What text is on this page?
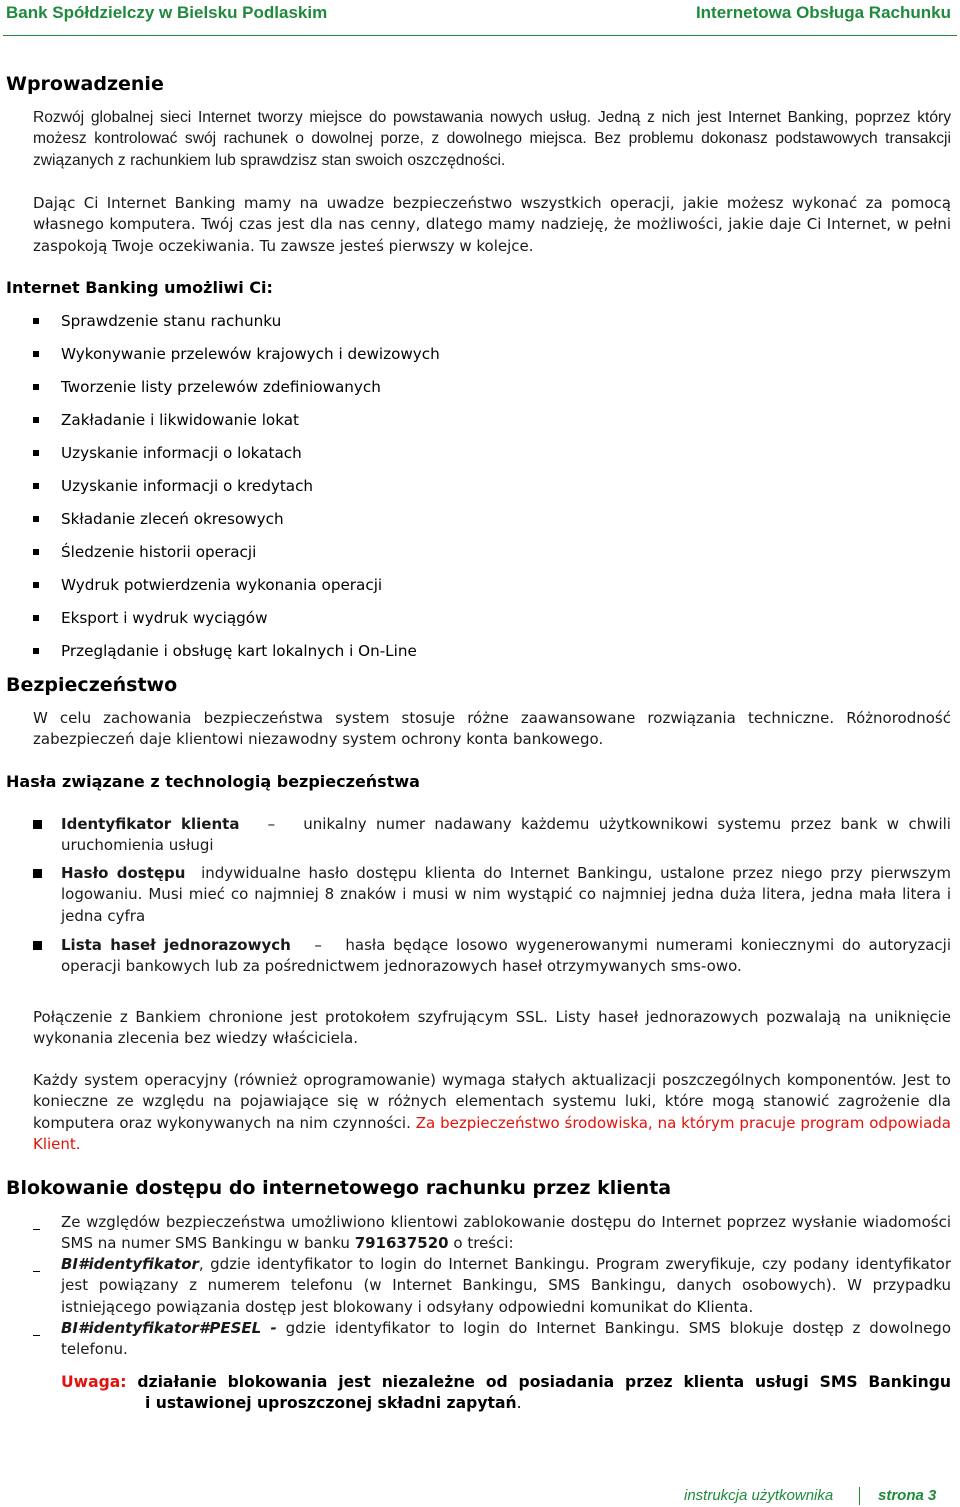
Bank Spółdzielczy w Bielsku Podlaskim	Internetowa Obsługa Rachunku
Wprowadzenie
Rozwój globalnej sieci Internet tworzy miejsce do powstawania nowych usług. Jedną z nich jest Internet Banking, poprzez który możesz kontrolować swój rachunek o dowolnej porze, z dowolnego miejsca. Bez problemu dokonasz podstawowych transakcji związanych z rachunkiem lub sprawdzisz stan swoich oszczędności.
Dając Ci Internet Banking mamy na uwadze bezpieczeństwo wszystkich operacji, jakie możesz wykonać za pomocą własnego komputera. Twój czas jest dla nas cenny, dlatego mamy nadzieję, że możliwości, jakie daje Ci Internet, w pełni zaspokoją Twoje oczekiwania. Tu zawsze jesteś pierwszy w kolejce.
Internet Banking umożliwi Ci:
Sprawdzenie stanu rachunku
Wykonywanie przelewów krajowych i dewizowych
Tworzenie listy przelewów zdefiniowanych
Zakładanie i likwidowanie lokat
Uzyskanie informacji o lokatach
Uzyskanie informacji o kredytach
Składanie zleceń okresowych
Śledzenie historii operacji
Wydruk potwierdzenia wykonania operacji
Eksport i wydruk wyciągów
Przeglądanie i obsługę kart lokalnych i On-Line
Bezpieczeństwo
W celu zachowania bezpieczeństwa system stosuje różne zaawansowane rozwiązania techniczne. Różnorodność zabezpieczeń daje klientowi niezawodny system ochrony konta bankowego.
Hasła związane z technologią bezpieczeństwa
Identyfikator klienta – unikalny numer nadawany każdemu użytkownikowi systemu przez bank w chwili uruchomienia usługi
Hasło dostępu indywidualne hasło dostępu klienta do Internet Bankingu, ustalone przez niego przy pierwszym logowaniu. Musi mieć co najmniej 8 znaków i musi w nim wystąpić co najmniej jedna duża litera, jedna mała litera i jedna cyfra
Lista haseł jednorazowych – hasła będące losowo wygenerowanymi numerami koniecznymi do autoryzacji operacji bankowych lub za pośrednictwem jednorazowych haseł otrzymywanych sms-owo.
Połączenie z Bankiem chronione jest protokołem szyfrującym SSL. Listy haseł jednorazowych pozwalają na uniknięcie wykonania zlecenia bez wiedzy właściciela.
Każdy system operacyjny (również oprogramowanie) wymaga stałych aktualizacji poszczególnych komponentów. Jest to konieczne ze względu na pojawiające się w różnych elementach systemu luki, które mogą stanowić zagrożenie dla komputera oraz wykonywanych na nim czynności. Za bezpieczeństwo środowiska, na którym pracuje program odpowiada Klient.
Blokowanie dostępu do internetowego rachunku przez klienta
Ze względów bezpieczeństwa umożliwiono klientowi zablokowanie dostępu do Internet poprzez wysłanie wiadomości SMS na numer SMS Bankingu w banku 791637520 o treści:
BI#identyfikator, gdzie identyfikator to login do Internet Bankingu. Program zweryfikuje, czy podany identyfikator jest powiązany z numerem telefonu (w Internet Bankingu, SMS Bankingu, danych osobowych). W przypadku istniejącego powiązania dostęp jest blokowany i odsyłany odpowiedni komunikat do Klienta.
BI#identyfikator#PESEL - gdzie identyfikator to login do Internet Bankingu. SMS blokuje dostęp z dowolnego telefonu.
Uwaga: działanie blokowania jest niezależne od posiadania przez klienta usługi SMS Bankingu
i ustawionej uproszczonej składni zapytań.
instrukcja użytkownika	strona 3
